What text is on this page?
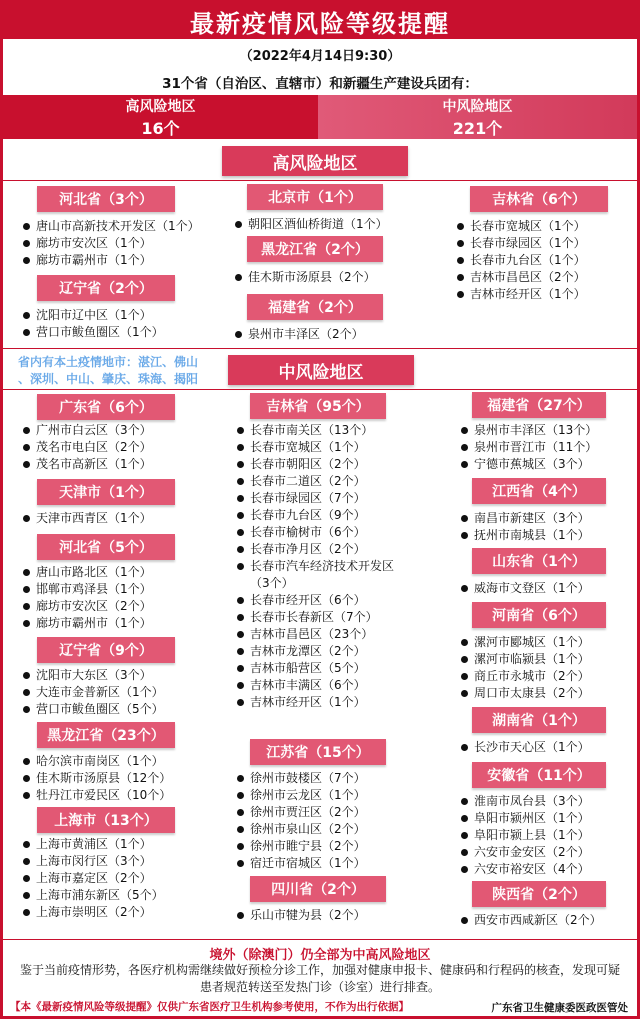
最新疫情风险等级提醒
（2022年4月14日9:30）
31个省（自治区、直辖市）和新疆生产建设兵团有：
高风险地区
16个
中风险地区
221个
高风险地区
河北省（3个）
唐山市高新技术开发区（1个）
廊坊市安次区（1个）
廊坊市霸州市（1个）
辽宁省（2个）
沈阳市辽中区（1个）
营口市鲅鱼圈区（1个）
北京市（1个）
朝阳区酒仙桥街道（1个）
黑龙江省（2个）
佳木斯市汤原县（2个）
福建省（2个）
泉州市丰泽区（2个）
吉林省（6个）
长春市宽城区（1个）
长春市绿园区（1个）
长春市九台区（1个）
吉林市昌邑区（2个）
吉林市经开区（1个）
省内有本土疫情地市：湛江、佛山
、深圳、中山、肇庆、珠海、揭阳	中风险地区
广东省（6个）
广州市白云区（3个）
茂名市电白区（2个）
茂名市高新区（1个）
天津市（1个）
天津市西青区（1个）
河北省（5个）
唐山市路北区（1个）
邯郸市鸡泽县（1个）
廊坊市安次区（2个）
廊坊市霸州市（1个）
辽宁省（9个）
沈阳市大东区（3个）
大连市金普新区（1个）
营口市鲅鱼圈区（5个）
黑龙江省（23个）
哈尔滨市南岗区（1个）
佳木斯市汤原县（12个）
牡丹江市爱民区（10个）
上海市（13个）
上海市黄浦区（1个）
上海市闵行区（3个）
上海市嘉定区（2个）
上海市浦东新区（5个）
上海市崇明区（2个）
吉林省（95个）
长春市南关区（13个）
长春市宽城区（1个）
长春市朝阳区（2个）
长春市二道区（2个）
长春市绿园区（7个）
长春市九台区（9个）
长春市榆树市（6个）
长春市净月区（2个）
长春市汽车经济技术开发区（3个）
长春市经开区（6个）
长春市长春新区（7个）
吉林市昌邑区（23个）
吉林市龙潭区（2个）
吉林市船营区（5个）
吉林市丰满区（6个）
吉林市经开区（1个）
江苏省（15个）
徐州市鼓楼区（7个）
徐州市云龙区（1个）
徐州市贾汪区（2个）
徐州市泉山区（2个）
徐州市睢宁县（2个）
宿迁市宿城区（1个）
四川省（2个）
乐山市犍为县（2个）
福建省（27个）
泉州市丰泽区（13个）
泉州市晋江市（11个）
宁德市蕉城区（3个）
江西省（4个）
南昌市新建区（3个）
抚州市南城县（1个）
山东省（1个）
威海市文登区（1个）
河南省（6个）
漯河市郾城区（1个）
漯河市临颍县（1个）
商丘市永城市（2个）
周口市太康县（2个）
湖南省（1个）
长沙市天心区（1个）
安徽省（11个）
淮南市凤台县（3个）
阜阳市颍州区（1个）
阜阳市颍上县（1个）
六安市金安区（2个）
六安市裕安区（4个）
陕西省（2个）
西安市西咸新区（2个）
境外（除澳门）仍全部为中高风险地区
鉴于当前疫情形势，各医疗机构需继续做好预检分诊工作，加强对健康申报卡、健康码和行程码的核查，发现可疑患者规范转送至发热门诊（诊室）进行排查。
【本《最新疫情风险等级提醒》仅供广东省医疗卫生机构参考使用，不作为出行依据】	广东省卫生健康委医政医管处
